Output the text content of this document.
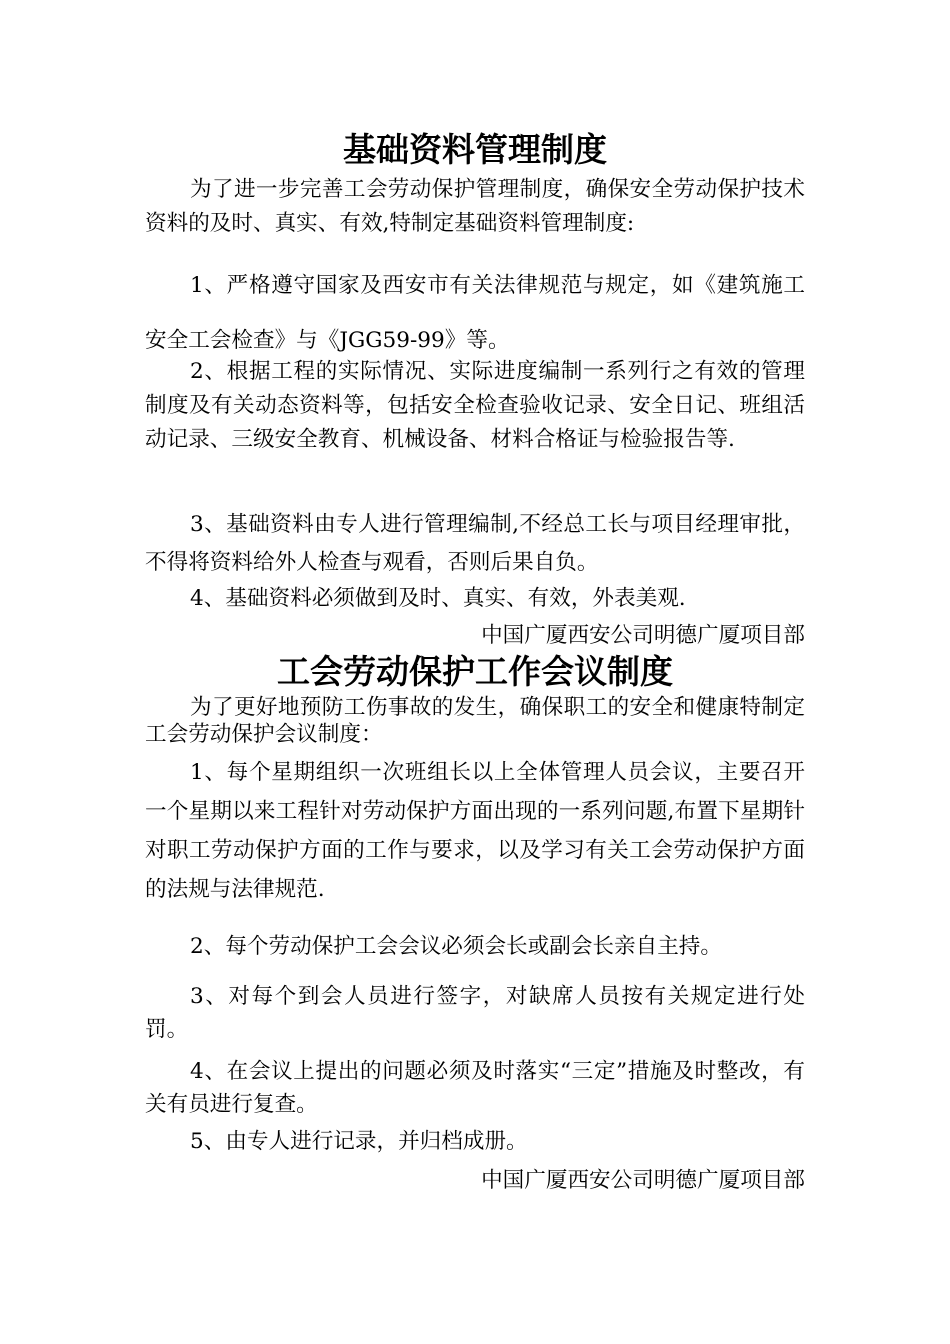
基础资料管理制度

为了进一步完善工会劳动保护管理制度，确保安全劳动保护技术资料的及时、真实、有效,特制定基础资料管理制度:

1、严格遵守国家及西安市有关法律规范与规定，如《建筑施工安全工会检查》与《JGG59-99》等。

2、根据工程的实际情况、实际进度编制一系列行之有效的管理制度及有关动态资料等，包括安全检查验收记录、安全日记、班组活动记录、三级安全教育、机械设备、材料合格证与检验报告等.

3、基础资料由专人进行管理编制,不经总工长与项目经理审批，不得将资料给外人检查与观看，否则后果自负。

4、基础资料必须做到及时、真实、有效，外表美观.

中国广厦西安公司明德广厦项目部

工会劳动保护工作会议制度

为了更好地预防工伤事故的发生，确保职工的安全和健康特制定工会劳动保护会议制度：

1、每个星期组织一次班组长以上全体管理人员会议，主要召开一个星期以来工程针对劳动保护方面出现的一系列问题,布置下星期针对职工劳动保护方面的工作与要求，以及学习有关工会劳动保护方面的法规与法律规范.

2、每个劳动保护工会会议必须会长或副会长亲自主持。

3、对每个到会人员进行签字，对缺席人员按有关规定进行处罚。

4、在会议上提出的问题必须及时落实“三定”措施及时整改，有关有员进行复查。

5、由专人进行记录，并归档成册。

中国广厦西安公司明德广厦项目部
